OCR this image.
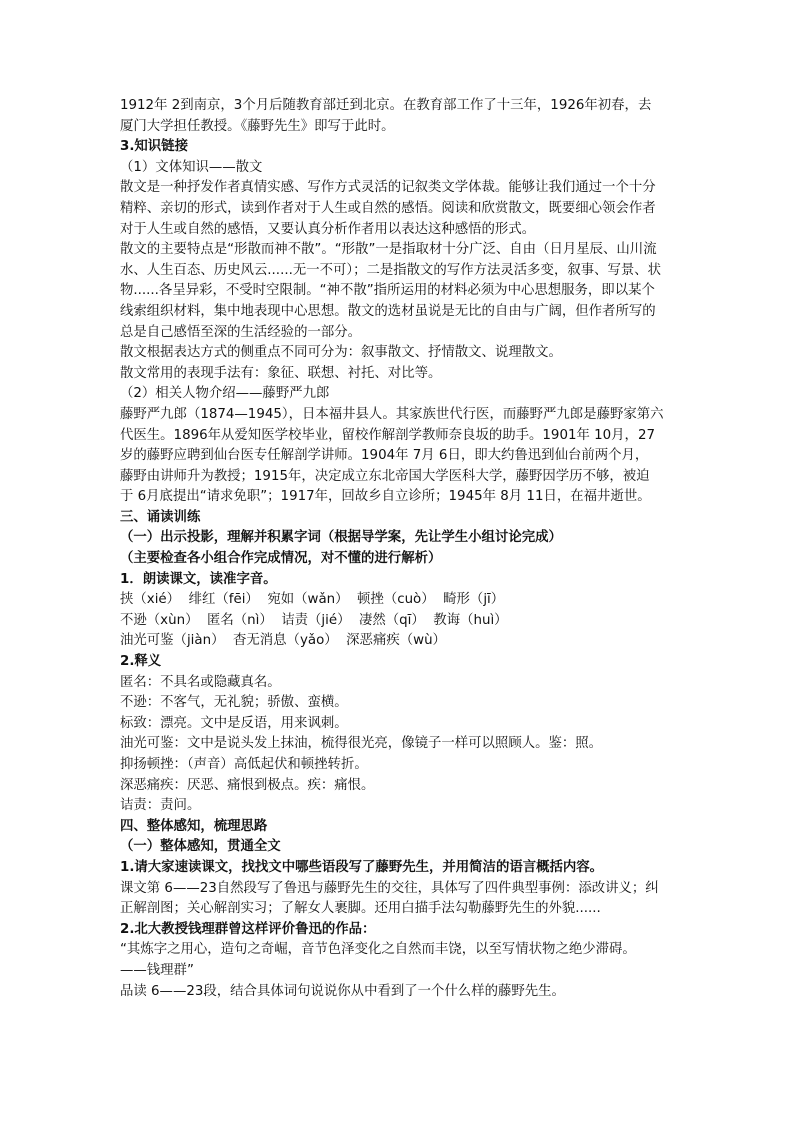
1912年 2到南京，3个月后随教育部迁到北京。在教育部工作了十三年，1926年初春，去

厦门大学担任教授。《藤野先生》即写于此时。

3.知识链接

（1）文体知识——散文

散文是一种抒发作者真情实感、写作方式灵活的记叙类文学体裁。能够让我们通过一个十分

精粹、亲切的形式，读到作者对于人生或自然的感悟。阅读和欣赏散文，既要细心领会作者

对于人生或自然的感悟，又要认真分析作者用以表达这种感悟的形式。

散文的主要特点是“形散而神不散”。“形散”一是指取材十分广泛、自由（日月星辰、山川流

水、人生百态、历史风云......无一不可）；二是指散文的写作方法灵活多变，叙事、写景、状

物......各呈异彩，不受时空限制。“神不散”指所运用的材料必须为中心思想服务，即以某个

线索组织材料，集中地表现中心思想。散文的选材虽说是无比的自由与广阔，但作者所写的

总是自己感悟至深的生活经验的一部分。

散文根据表达方式的侧重点不同可分为：叙事散文、抒情散文、说理散文。

散文常用的表现手法有：象征、联想、衬托、对比等。

（2）相关人物介绍——藤野严九郎

藤野严九郎（1874—1945），日本福井县人。其家族世代行医，而藤野严九郎是藤野家第六

代医生。1896年从爱知医学校毕业，留校作解剖学教师奈良坂的助手。1901年 10月，27

岁的藤野应聘到仙台医专任解剖学讲师。1904年 7月 6日，即大约鲁迅到仙台前两个月，

藤野由讲师升为教授；1915年，决定成立东北帝国大学医科大学，藤野因学历不够，被迫

于 6月底提出“请求免职”；1917年，回故乡自立诊所；1945年 8月 11日，在福井逝世。

三、诵读训练

（一）出示投影，理解并积累字词（根据导学案，先让学生小组讨论完成）

（主要检查各小组合作完成情况，对不懂的进行解析）

1．朗读课文，读准字音。

挟（xié）  绯红（fēi）  宛如（wǎn）  顿挫（cuò）  畸形（jī）

不逊（xùn）  匿名（nì）  诘责（jié）  凄然（qī）  教诲（huì）

油光可鉴（jiàn）  杳无消息（yǎo）  深恶痛疾（wù）

2.释义

匿名：不具名或隐藏真名。

不逊：不客气，无礼貌；骄傲、蛮横。

标致：漂亮。文中是反语，用来讽刺。

油光可鉴：文中是说头发上抹油，梳得很光亮，像镜子一样可以照顾人。鉴：照。

抑扬顿挫：（声音）高低起伏和顿挫转折。

深恶痛疾：厌恶、痛恨到极点。疾：痛恨。

诘责：责问。

四、整体感知，梳理思路

（一）整体感知，贯通全文

1.请大家速读课文，找找文中哪些语段写了藤野先生，并用简洁的语言概括内容。

课文第 6——23自然段写了鲁迅与藤野先生的交往，具体写了四件典型事例：添改讲义；纠

正解剖图；关心解剖实习；了解女人裹脚。还用白描手法勾勒藤野先生的外貌......

2.北大教授钱理群曾这样评价鲁迅的作品：

“其炼字之用心，造句之奇崛，音节色泽变化之自然而丰饶，以至写情状物之绝少滞碍。

——钱理群”

品读 6——23段，结合具体词句说说你从中看到了一个什么样的藤野先生。
